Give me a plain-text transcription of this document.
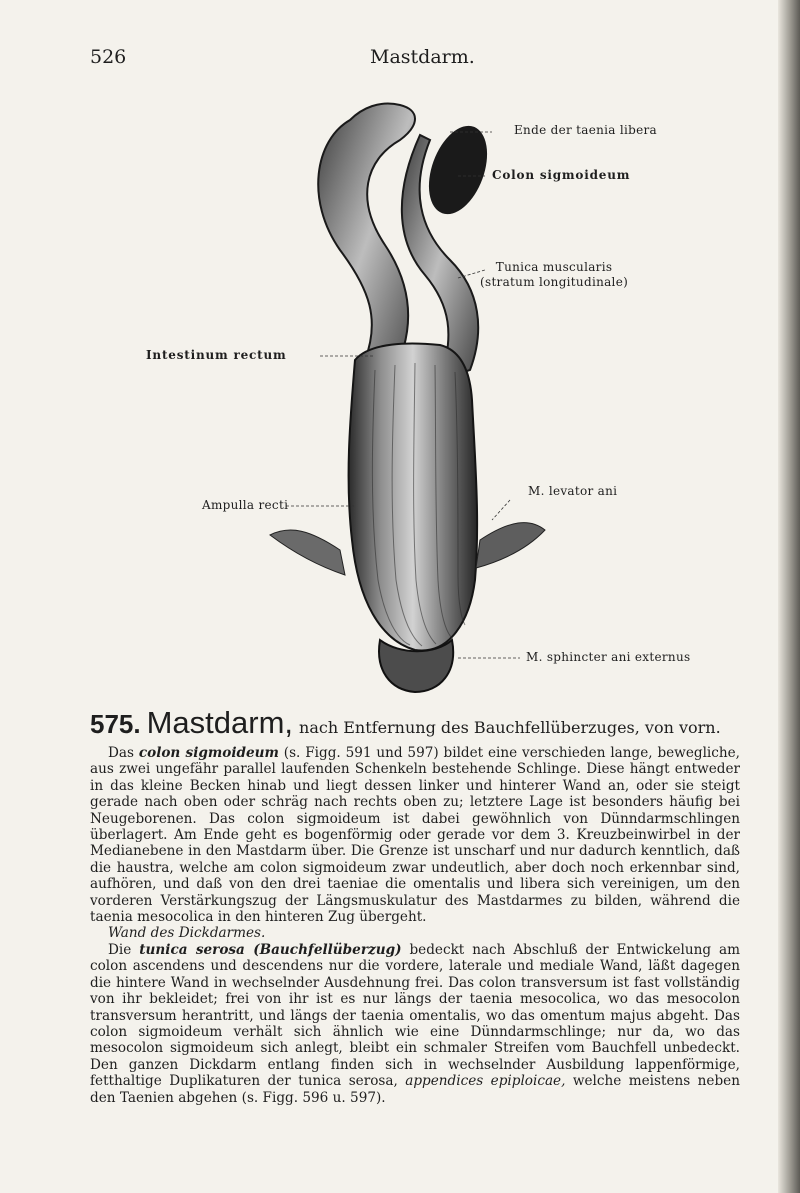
526	Mastdarm.
Ende der taenia libera
Colon sigmoideum
Tunica muscularis
(stratum longitudinale)
Intestinum rectum
M. levator ani
Ampulla recti
M. sphincter ani externus
575. Mastdarm, nach Entfernung des Bauchfellüberzuges, von vorn.

Das colon sigmoideum (s. Figg. 591 und 597) bildet eine verschieden lange, bewegliche, aus zwei ungefähr parallel laufenden Schenkeln bestehende Schlinge. Diese hängt entweder in das kleine Becken hinab und liegt dessen linker und hinterer Wand an, oder sie steigt gerade nach oben oder schräg nach rechts oben zu; letztere Lage ist besonders häufig bei Neugeborenen. Das colon sigmoideum ist dabei gewöhnlich von Dünndarmschlingen überlagert. Am Ende geht es bogenförmig oder gerade vor dem 3. Kreuzbeinwirbel in der Medianebene in den Mastdarm über. Die Grenze ist unscharf und nur dadurch kenntlich, daß die haustra, welche am colon sigmoideum zwar undeutlich, aber doch noch erkennbar sind, aufhören, und daß von den drei taeniae die omentalis und libera sich vereinigen, um den vorderen Verstärkungszug der Längsmuskulatur des Mastdarmes zu bilden, während die taenia mesocolica in den hinteren Zug übergeht.

Wand des Dickdarmes.

Die tunica serosa (Bauchfellüberzug) bedeckt nach Abschluß der Entwickelung am colon ascendens und descendens nur die vordere, laterale und mediale Wand, läßt dagegen die hintere Wand in wechselnder Ausdehnung frei. Das colon transversum ist fast vollständig von ihr bekleidet; frei von ihr ist es nur längs der taenia mesocolica, wo das mesocolon transversum herantritt, und längs der taenia omentalis, wo das omentum majus abgeht. Das colon sigmoideum verhält sich ähnlich wie eine Dünndarmschlinge; nur da, wo das mesocolon sigmoideum sich anlegt, bleibt ein schmaler Streifen vom Bauchfell unbedeckt. Den ganzen Dickdarm entlang finden sich in wechselnder Ausbildung lappenförmige, fetthaltige Duplikaturen der tunica serosa, appendices epiploicae, welche meistens neben den Taenien abgehen (s. Figg. 596 u. 597).
